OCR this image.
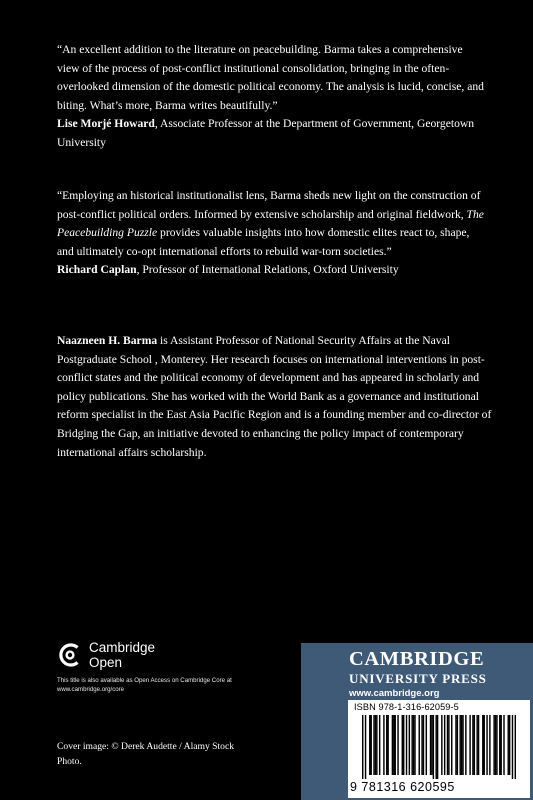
“An excellent addition to the literature on peacebuilding. Barma takes a comprehensive view of the process of post-conflict institutional consolidation, bringing in the often-overlooked dimension of the domestic political economy. The analysis is lucid, concise, and biting. What’s more, Barma writes beautifully.”

Lise Morjé Howard, Associate Professor at the Department of Government, Georgetown University

“Employing an historical institutionalist lens, Barma sheds new light on the construction of post-conflict political orders. Informed by extensive scholarship and original fieldwork, The Peacebuilding Puzzle provides valuable insights into how domestic elites react to, shape, and ultimately co-opt international efforts to rebuild war-torn societies.”

Richard Caplan, Professor of International Relations, Oxford University

Naazneen H. Barma is Assistant Professor of National Security Affairs at the Naval Postgraduate School , Monterey. Her research focuses on international interventions in post-conflict states and the political economy of development and has appeared in scholarly and policy publications. She has worked with the World Bank as a governance and institutional reform specialist in the East Asia Pacific Region and is a founding member and co-director of Bridging the Gap, an initiative devoted to enhancing the policy impact of contemporary international affairs scholarship.

Cambridge
Open
This title is also available as Open Access on Cambridge Core at www.cambridge.org/core
Cover image: © Derek Audette / Alamy Stock Photo.
CAMBRIDGE
UNIVERSITY PRESS
www.cambridge.org
ISBN 978-1-316-62059-5
9 781316 620595
